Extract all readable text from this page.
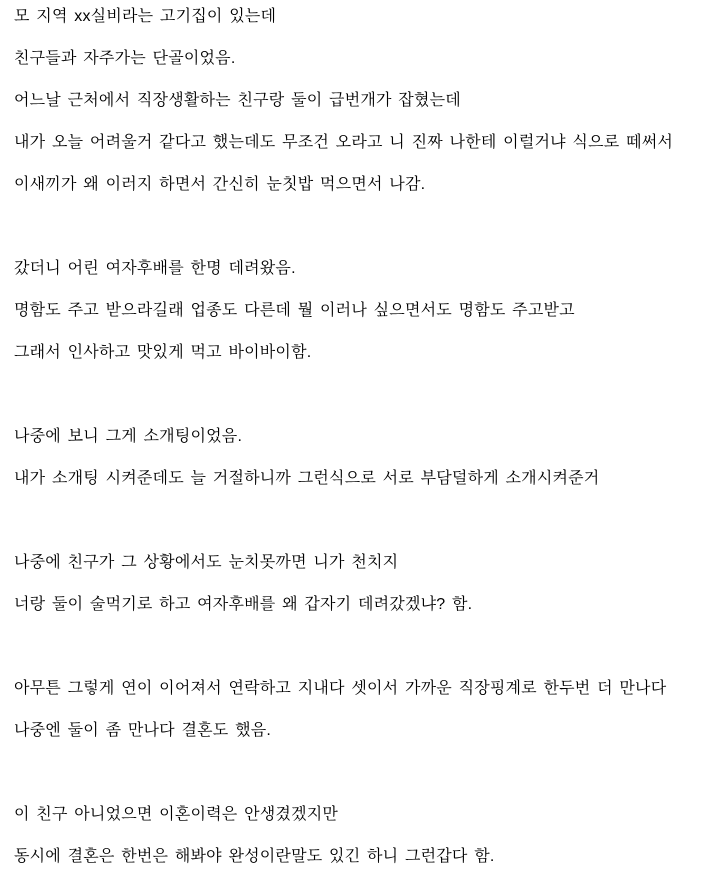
모 지역 xx실비라는 고기집이 있는데

친구들과 자주가는 단골이었음.

어느날 근처에서 직장생활하는 친구랑 둘이 급번개가 잡혔는데

내가 오늘 어려울거 같다고 했는데도 무조건 오라고 니 진짜 나한테 이럴거냐 식으로 떼써서

이새끼가 왜 이러지 하면서 간신히 눈칫밥 먹으면서 나감.

갔더니 어린 여자후배를 한명 데려왔음.

명함도 주고 받으라길래 업종도 다른데 뭘 이러나 싶으면서도 명함도 주고받고

그래서 인사하고 맛있게 먹고 바이바이함.

나중에 보니 그게 소개팅이었음.

내가 소개팅 시켜준데도 늘 거절하니까 그런식으로 서로 부담덜하게 소개시켜준거

나중에 친구가 그 상황에서도 눈치못까면 니가 천치지

너랑 둘이 술먹기로 하고 여자후배를 왜 갑자기 데려갔겠냐? 함.

아무튼 그렇게 연이 이어져서 연락하고 지내다 셋이서 가까운 직장핑계로 한두번 더 만나다

나중엔 둘이 좀 만나다 결혼도 했음.

이 친구 아니었으면 이혼이력은 안생겼겠지만

동시에 결혼은 한번은 해봐야 완성이란말도 있긴 하니 그런갑다 함.
